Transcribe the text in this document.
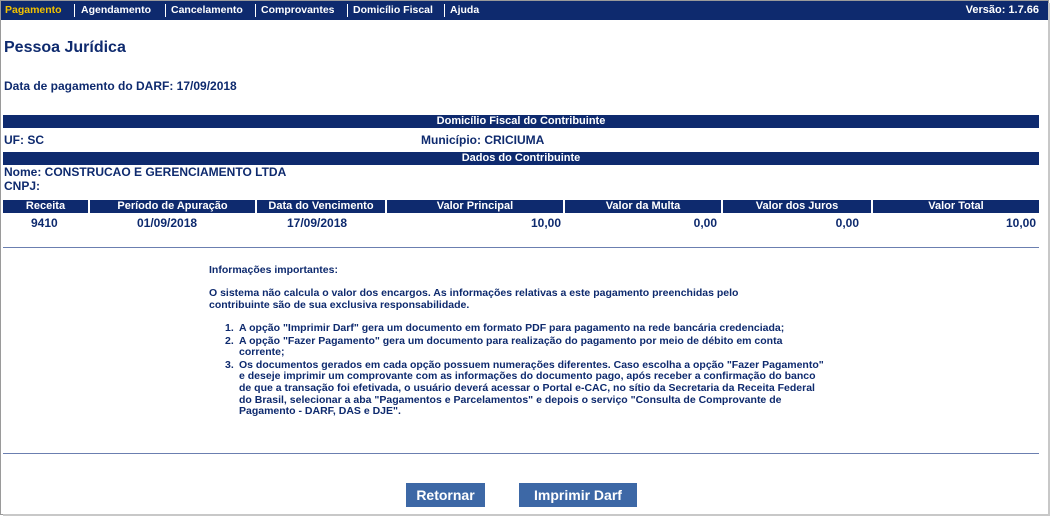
Pagamento Agendamento Cancelamento Comprovantes Domicílio Fiscal Ajuda	Versão: 1.7.66
Pessoa Jurídica
Data de pagamento do DARF: 17/09/2018
Domicílio Fiscal do Contribuinte
UF: SC	Município: CRICIUMA
Dados do Contribuinte
Nome: CONSTRUCAO E GERENCIAMENTO LTDA
CNPJ:
Receita	Período de Apuração	Data do Vencimento	Valor Principal	Valor da Multa	Valor dos Juros	Valor Total
9410	01/09/2018	17/09/2018	10,00	0,00	0,00	10,00
Informações importantes:
O sistema não calcula o valor dos encargos. As informações relativas a este pagamento preenchidas pelo
contribuinte são de sua exclusiva responsabilidade.
1. A opção "Imprimir Darf" gera um documento em formato PDF para pagamento na rede bancária credenciada;
2. A opção "Fazer Pagamento" gera um documento para realização do pagamento por meio de débito em conta corrente;
3. Os documentos gerados em cada opção possuem numerações diferentes. Caso escolha a opção "Fazer Pagamento" e deseje imprimir um comprovante com as informações do documento pago, após receber a confirmação do banco de que a transação foi efetivada, o usuário deverá acessar o Portal e-CAC, no sítio da Secretaria da Receita Federal do Brasil, selecionar a aba "Pagamentos e Parcelamentos" e depois o serviço "Consulta de Comprovante de Pagamento - DARF, DAS e DJE".
Retornar	Imprimir Darf
